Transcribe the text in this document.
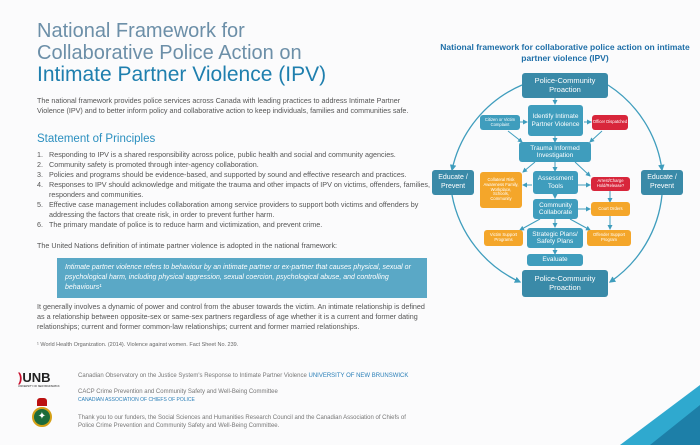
National Framework for
Collaborative Police Action on
Intimate Partner Violence (IPV)
The national framework provides police services across Canada with leading practices to address Intimate Partner Violence (IPV) and to better inform policy and collaborative action to keep individuals, families and communities safe.
Statement of Principles
1. Responding to IPV is a shared responsibility across police, public health and social and community agencies.
2. Community safety is promoted through inter-agency collaboration.
3. Policies and programs should be evidence-based, and supported by sound and effective research and practices.
4. Responses to IPV should acknowledge and mitigate the trauma and other impacts of IPV on victims, offenders, families, responders and communities.
5. Effective case management includes collaboration among service providers to support both victims and offenders by addressing the factors that create risk, in order to prevent further harm.
6. The primary mandate of police is to reduce harm and victimization, and prevent crime.
The United Nations definition of intimate partner violence is adopted in the national framework:
Intimate partner violence refers to behaviour by an intimate partner or ex-partner that causes physical, sexual or psychological harm, including physical aggression, sexual coercion, psychological abuse, and controlling behaviours¹
It generally involves a dynamic of power and control from the abuser towards the victim. An intimate relationship is defined as a relationship between opposite-sex or same-sex partners regardless of age whether it is a current and former dating relationships; current and former common-law relationships; current and former married relationships.
¹ World Health Organization. (2014). Violence against women. Fact Sheet No. 239.
)UNB
UNIVERSITY OF NEW BRUNSWICK
✦
Canadian Observatory on the Justice System's Response to Intimate Partner Violence UNIVERSITY OF NEW BRUNSWICK
CACP Crime Prevention and Community Safety and Well-Being Committee
CANADIAN ASSOCIATION OF CHIEFS OF POLICE
Thank you to our funders, the Social Sciences and Humanities Research Council and the Canadian Association of Chiefs of Police Crime Prevention and Community Safety and Well-Being Committee.
National framework for collaborative police action on intimate partner violence (IPV)
Police-Community Proaction
Identify Intimate Partner Violence
Citizen or Victim Complaint	Officer Dispatched
Trauma Informed Investigation
Educate / Prevent
Educate / Prevent
Assessment Tools
Collateral Risk Awareness Family, Workplace, Schools, Community
Arrest/Charge Hold/Release?
Community Collaborate
Court Orders
Victim Support Programs
Strategic Plans/ Safety Plans
Offender Support Program
Evaluate
Police-Community Proaction
